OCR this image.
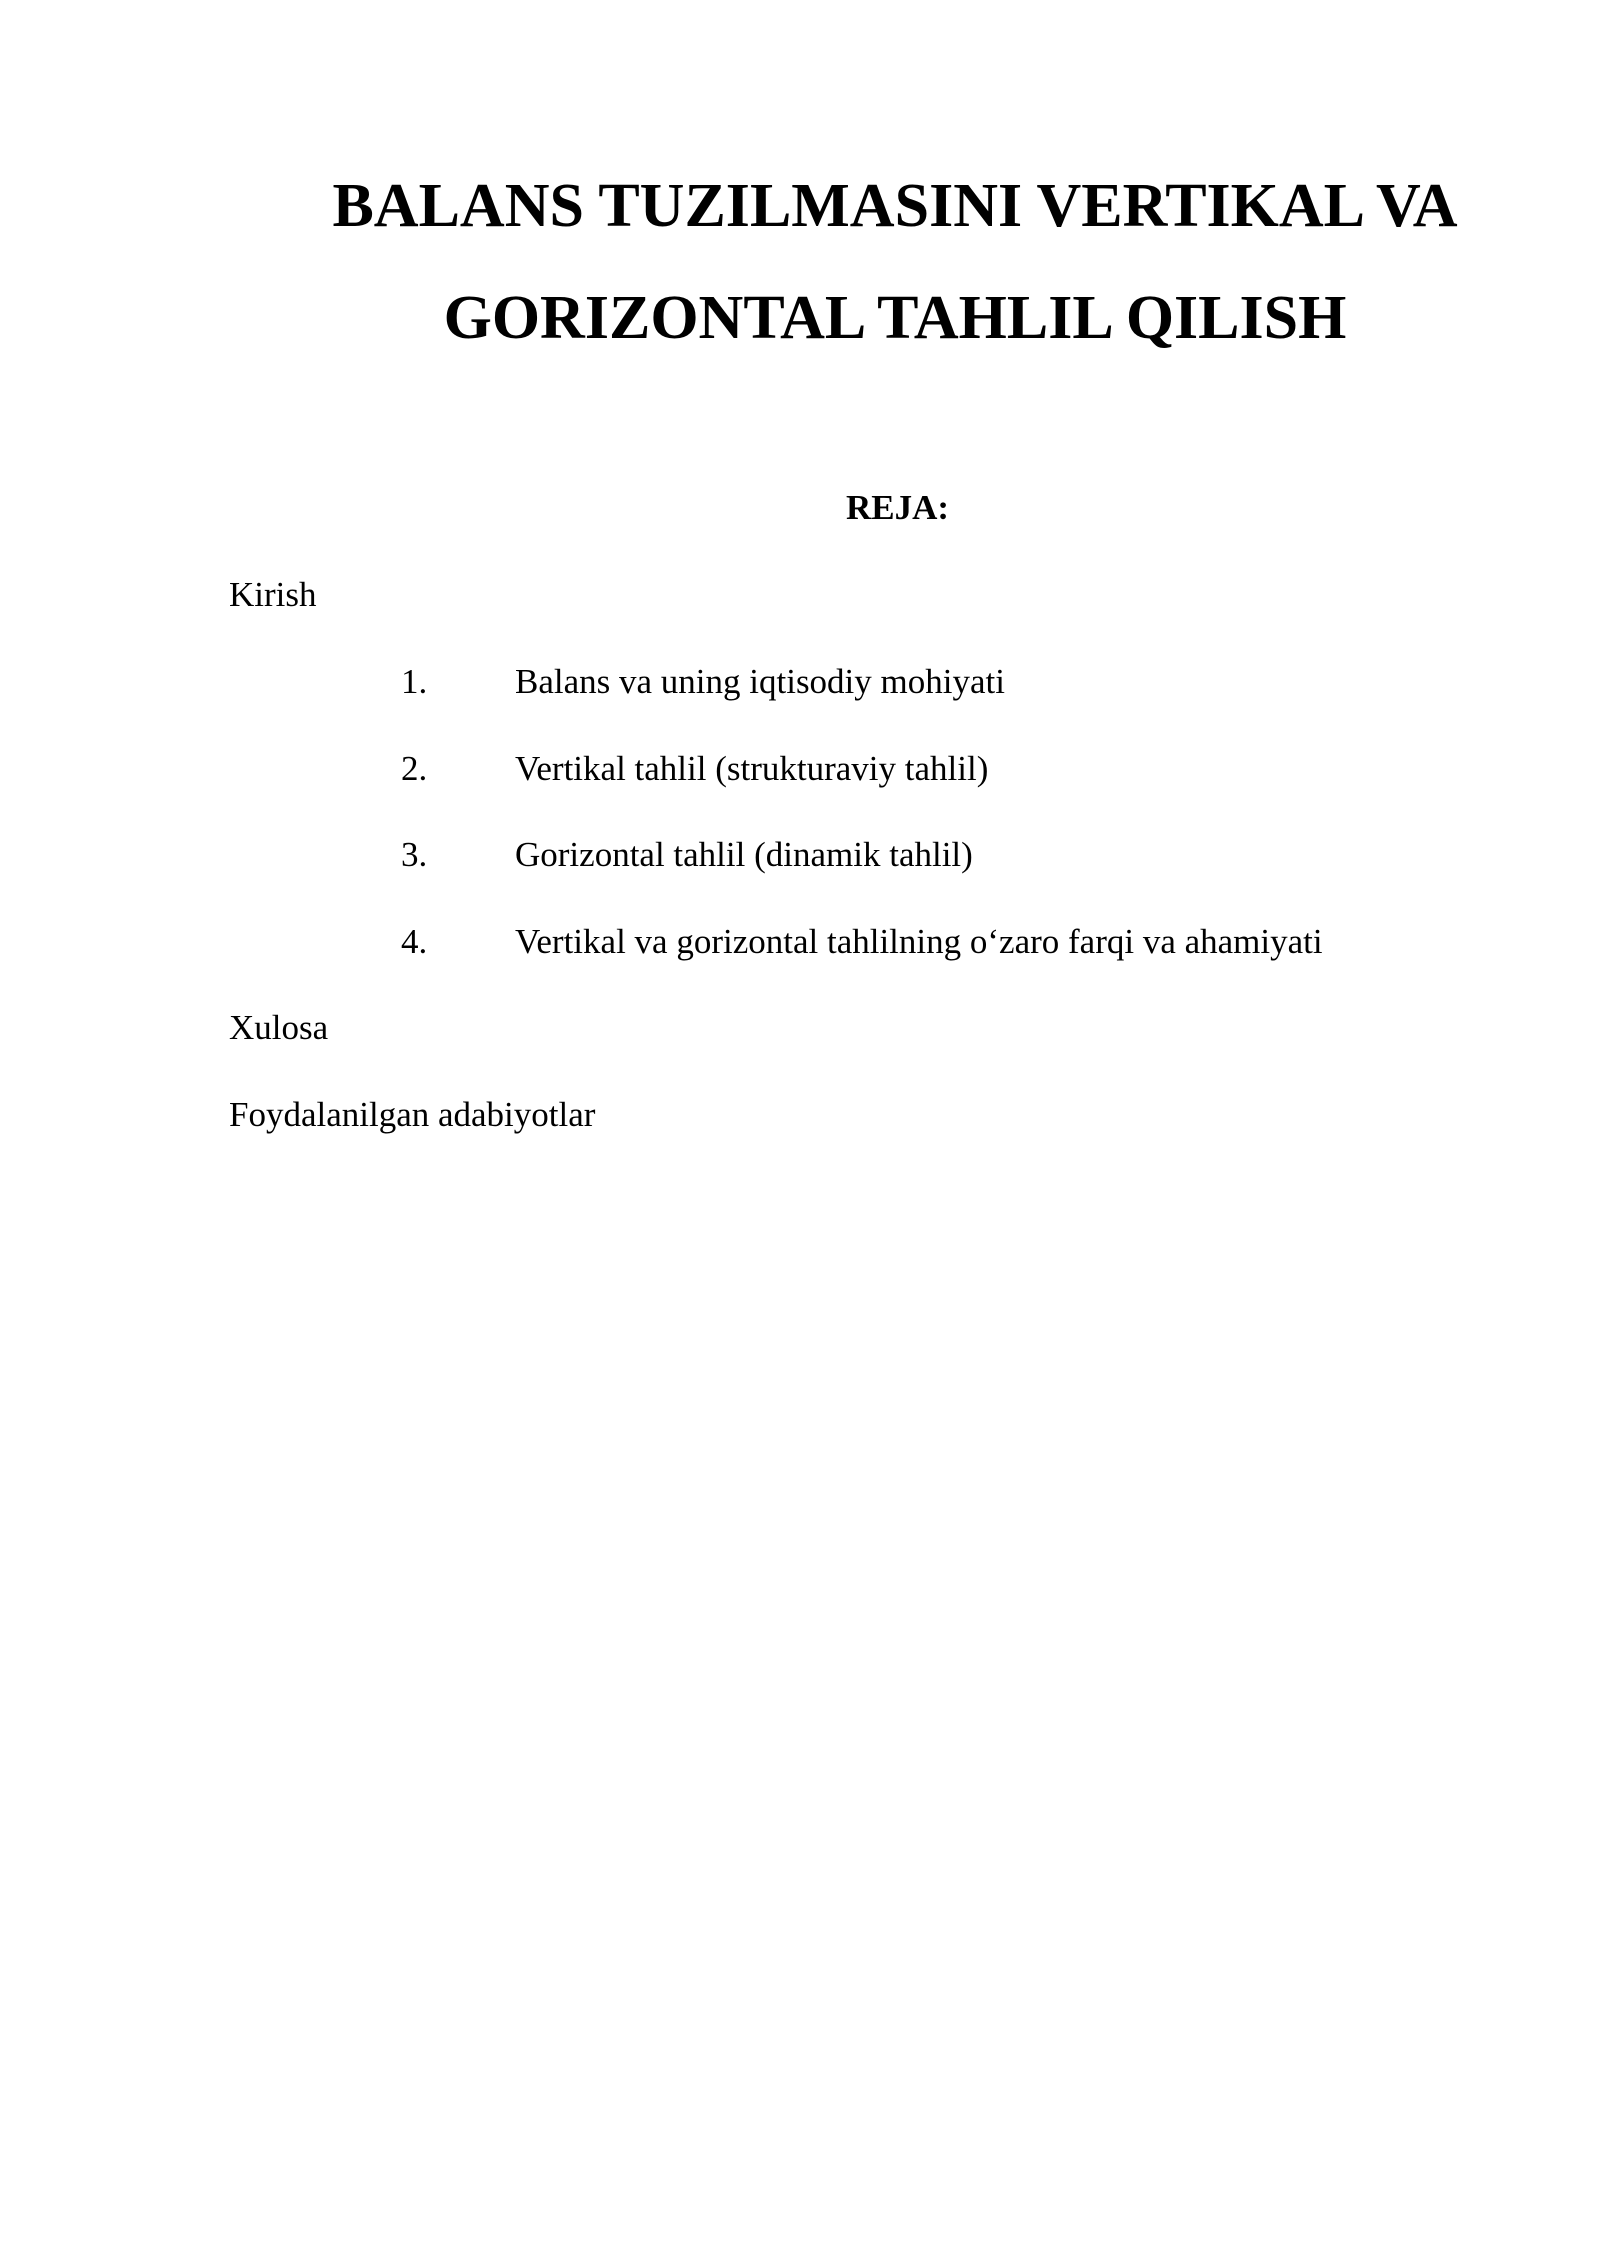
BALANS TUZILMASINI VERTIKAL VA
GORIZONTAL TAHLIL QILISH

REJA:

Kirish

1.	Balans va uning iqtisodiy mohiyati
2.	Vertikal tahlil (strukturaviy tahlil)
3.	Gorizontal tahlil (dinamik tahlil)
4.	Vertikal va gorizontal tahlilning o‘zaro farqi va ahamiyati

Xulosa

Foydalanilgan adabiyotlar
